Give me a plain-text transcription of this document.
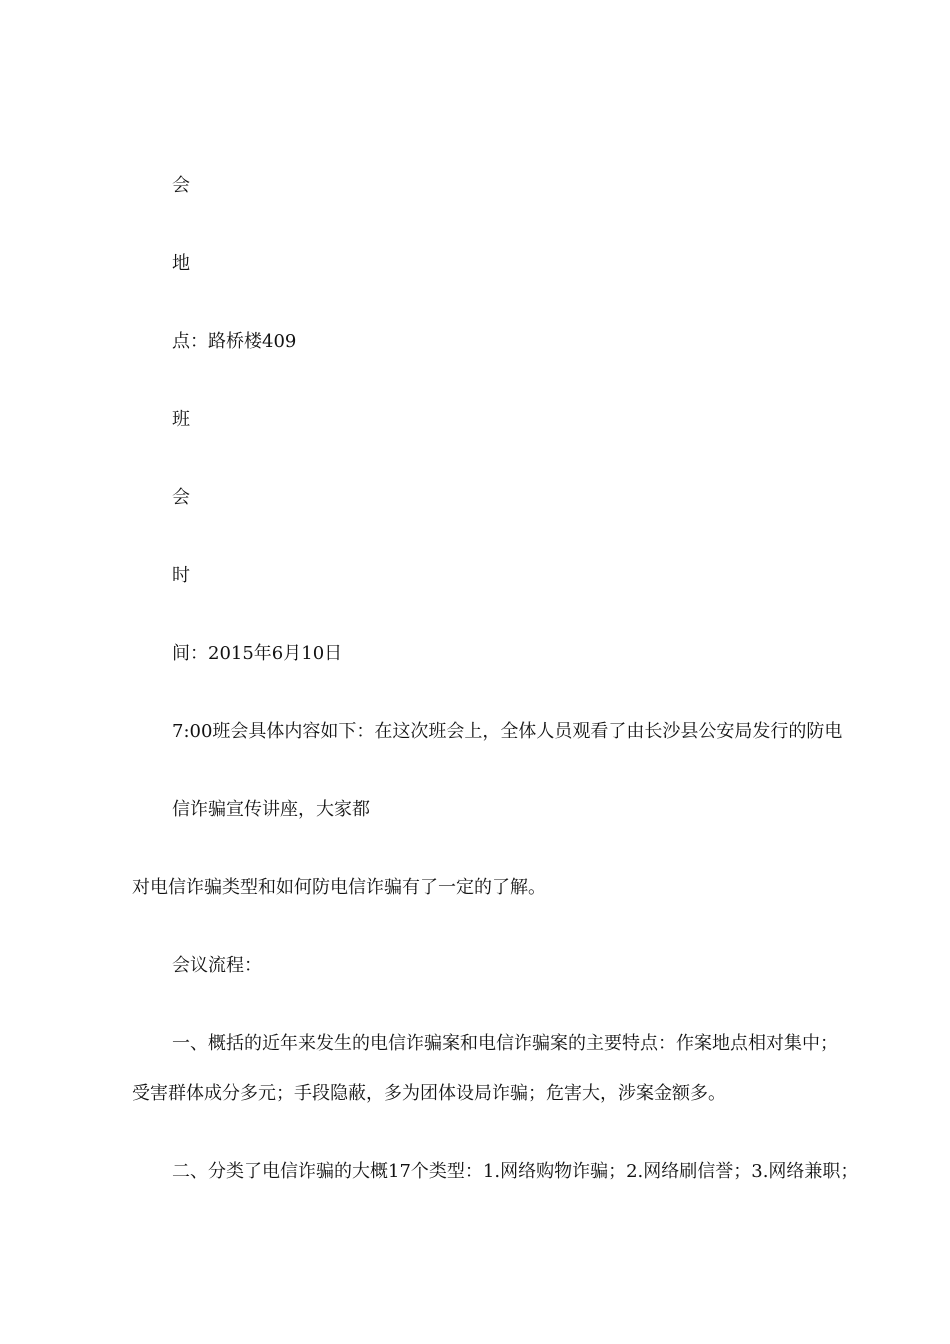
会
地
点：路桥楼409
班
会
时
间：2015年6月10日
7:00班会具体内容如下：在这次班会上，全体人员观看了由长沙县公安局发行的防电
信诈骗宣传讲座，大家都
对电信诈骗类型和如何防电信诈骗有了一定的了解。
会议流程：
一、概括的近年来发生的电信诈骗案和电信诈骗案的主要特点：作案地点相对集中；
受害群体成分多元；手段隐蔽，多为团体设局诈骗；危害大，涉案金额多。
二、分类了电信诈骗的大概17个类型：1.网络购物诈骗；2.网络刷信誉；3.网络兼职；
